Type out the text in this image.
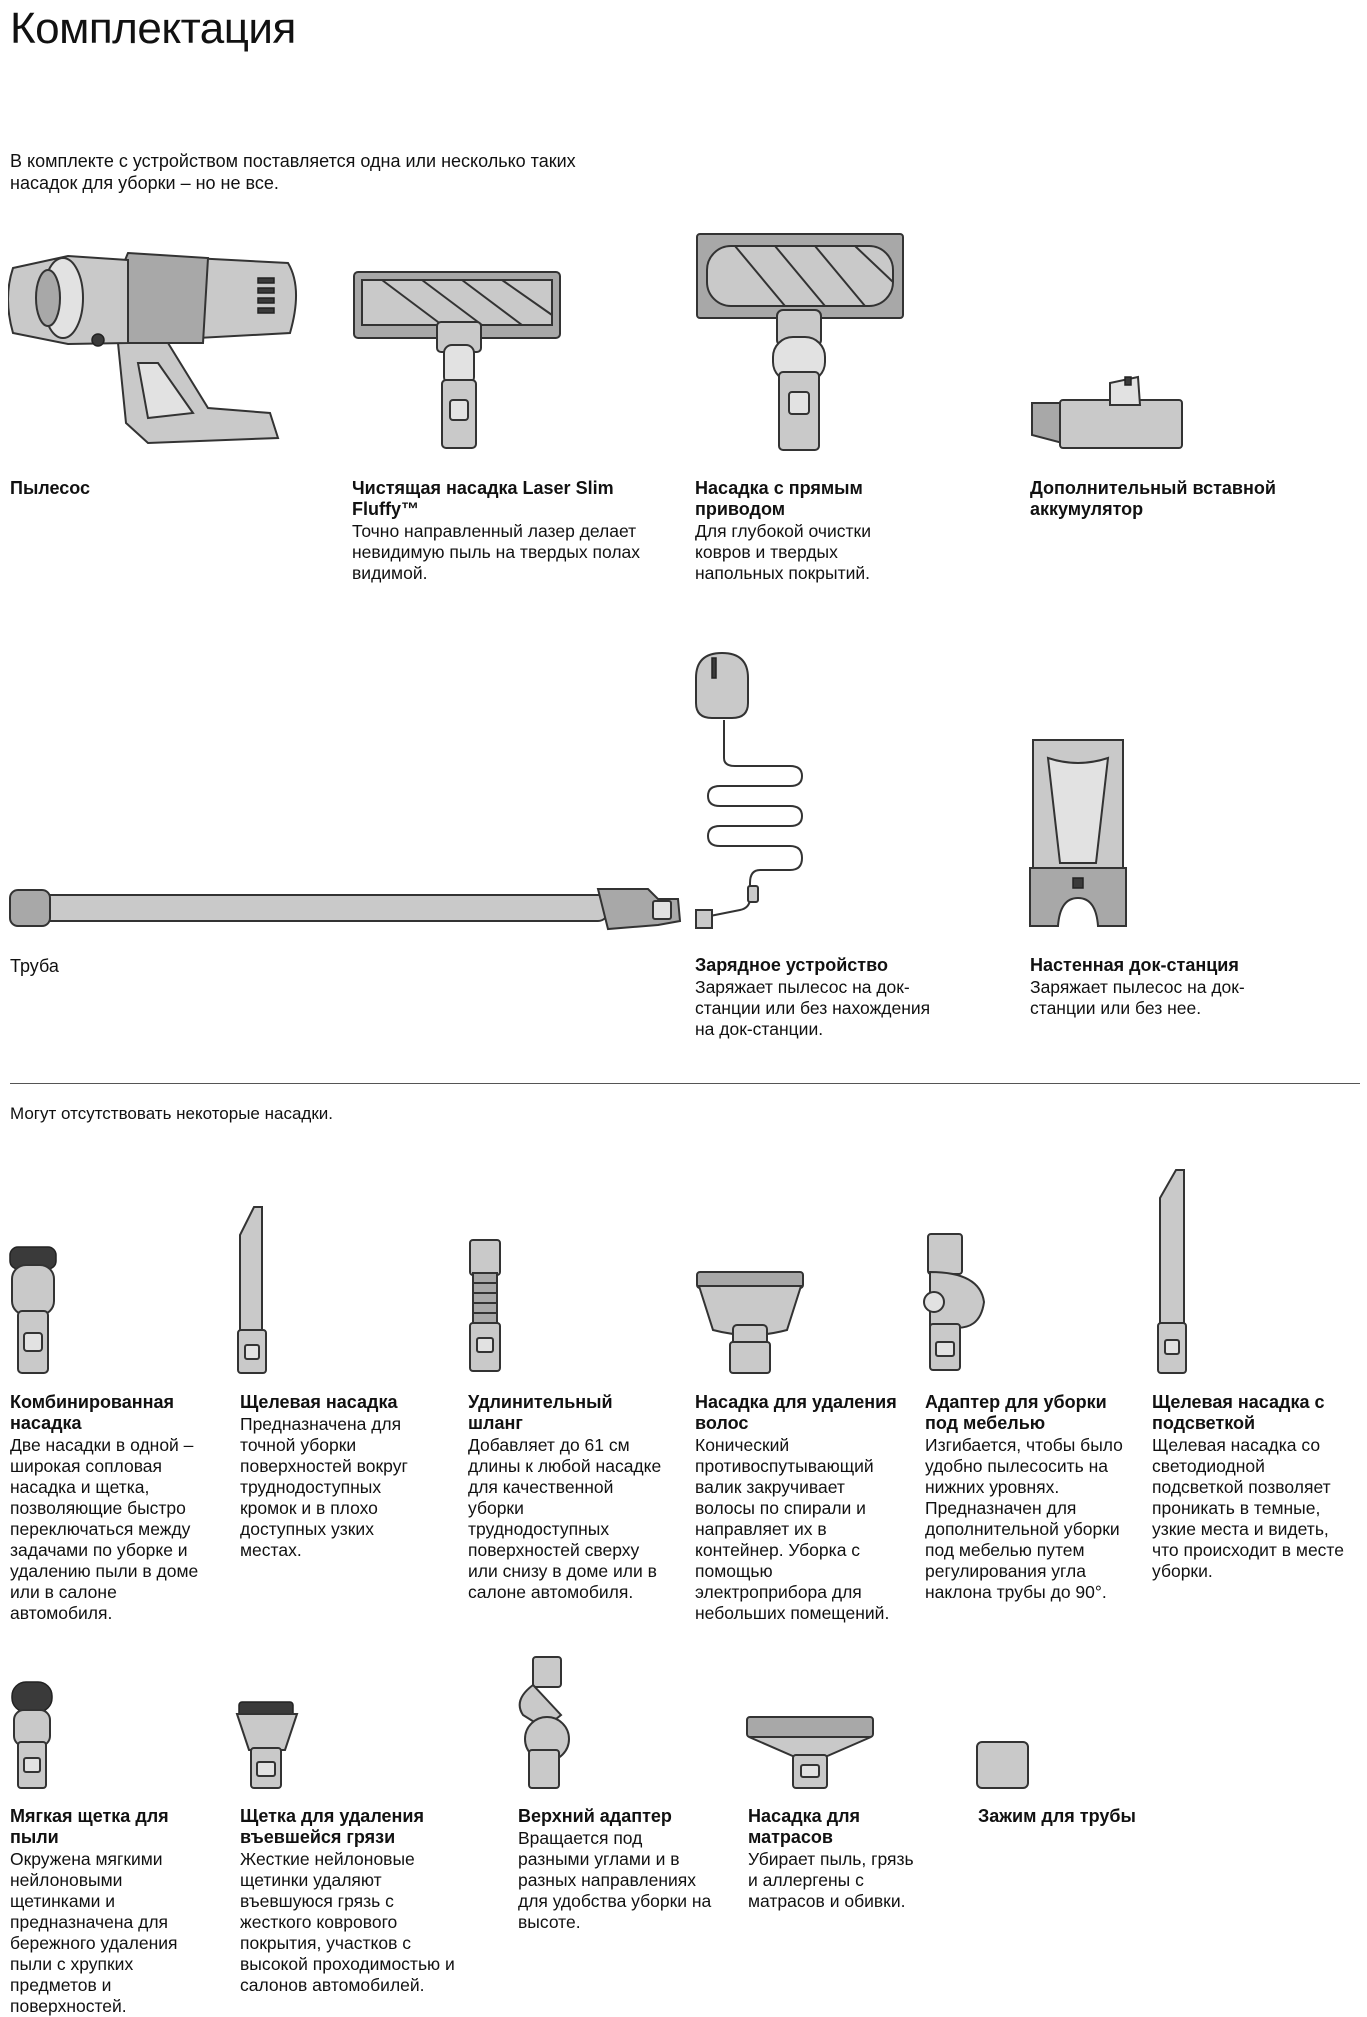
Комплектация
В комплекте с устройством поставляется одна или несколько таких насадок для уборки – но не все.
Пылесос	Чистящая насадка Laser Slim Fluffy™
Точно направленный лазер делает невидимую пыль на твердых полах видимой.
Насадка с прямым приводом
Для глубокой очистки ковров и твердых напольных покрытий.
Дополнительный вставной аккумулятор
Труба	Зарядное устройство
Заряжает пылесос на док-станции или без нахождения на док-станции.
Настенная док-станция
Заряжает пылесос на док-станции или без нее.
Могут отсутствовать некоторые насадки.
Комбинированная насадка
Две насадки в одной – широкая сопловая насадка и щетка, позволяющие быстро переключаться между задачами по уборке и удалению пыли в доме или в салоне автомобиля.
Щелевая насадка
Предназначена для точной уборки поверхностей вокруг труднодоступных кромок и в плохо доступных узких местах.
Удлинительный шланг
Добавляет до 61 см длины к любой насадке для качественной уборки труднодоступных поверхностей сверху или снизу в доме или в салоне автомобиля.
Насадка для удаления волос
Конический противоспутывающий валик закручивает волосы по спирали и направляет их в контейнер. Уборка с помощью электроприбора для небольших помещений.
Адаптер для уборки под мебелью
Изгибается, чтобы было удобно пылесосить на нижних уровнях. Предназначен для дополнительной уборки под мебелью путем регулирования угла наклона трубы до 90°.
Щелевая насадка с подсветкой
Щелевая насадка со светодиодной подсветкой позволяет проникать в темные, узкие места и видеть, что происходит в месте уборки.
Мягкая щетка для пыли
Окружена мягкими нейлоновыми щетинками и предназначена для бережного удаления пыли с хрупких предметов и поверхностей.
Щетка для удаления въевшейся грязи
Жесткие нейлоновые щетинки удаляют въевшуюся грязь с жесткого коврового покрытия, участков с высокой проходимостью и салонов автомобилей.
Верхний адаптер
Вращается под разными углами и в разных направлениях для удобства уборки на высоте.
Насадка для матрасов
Убирает пыль, грязь и аллергены с матрасов и обивки.
Зажим для трубы
